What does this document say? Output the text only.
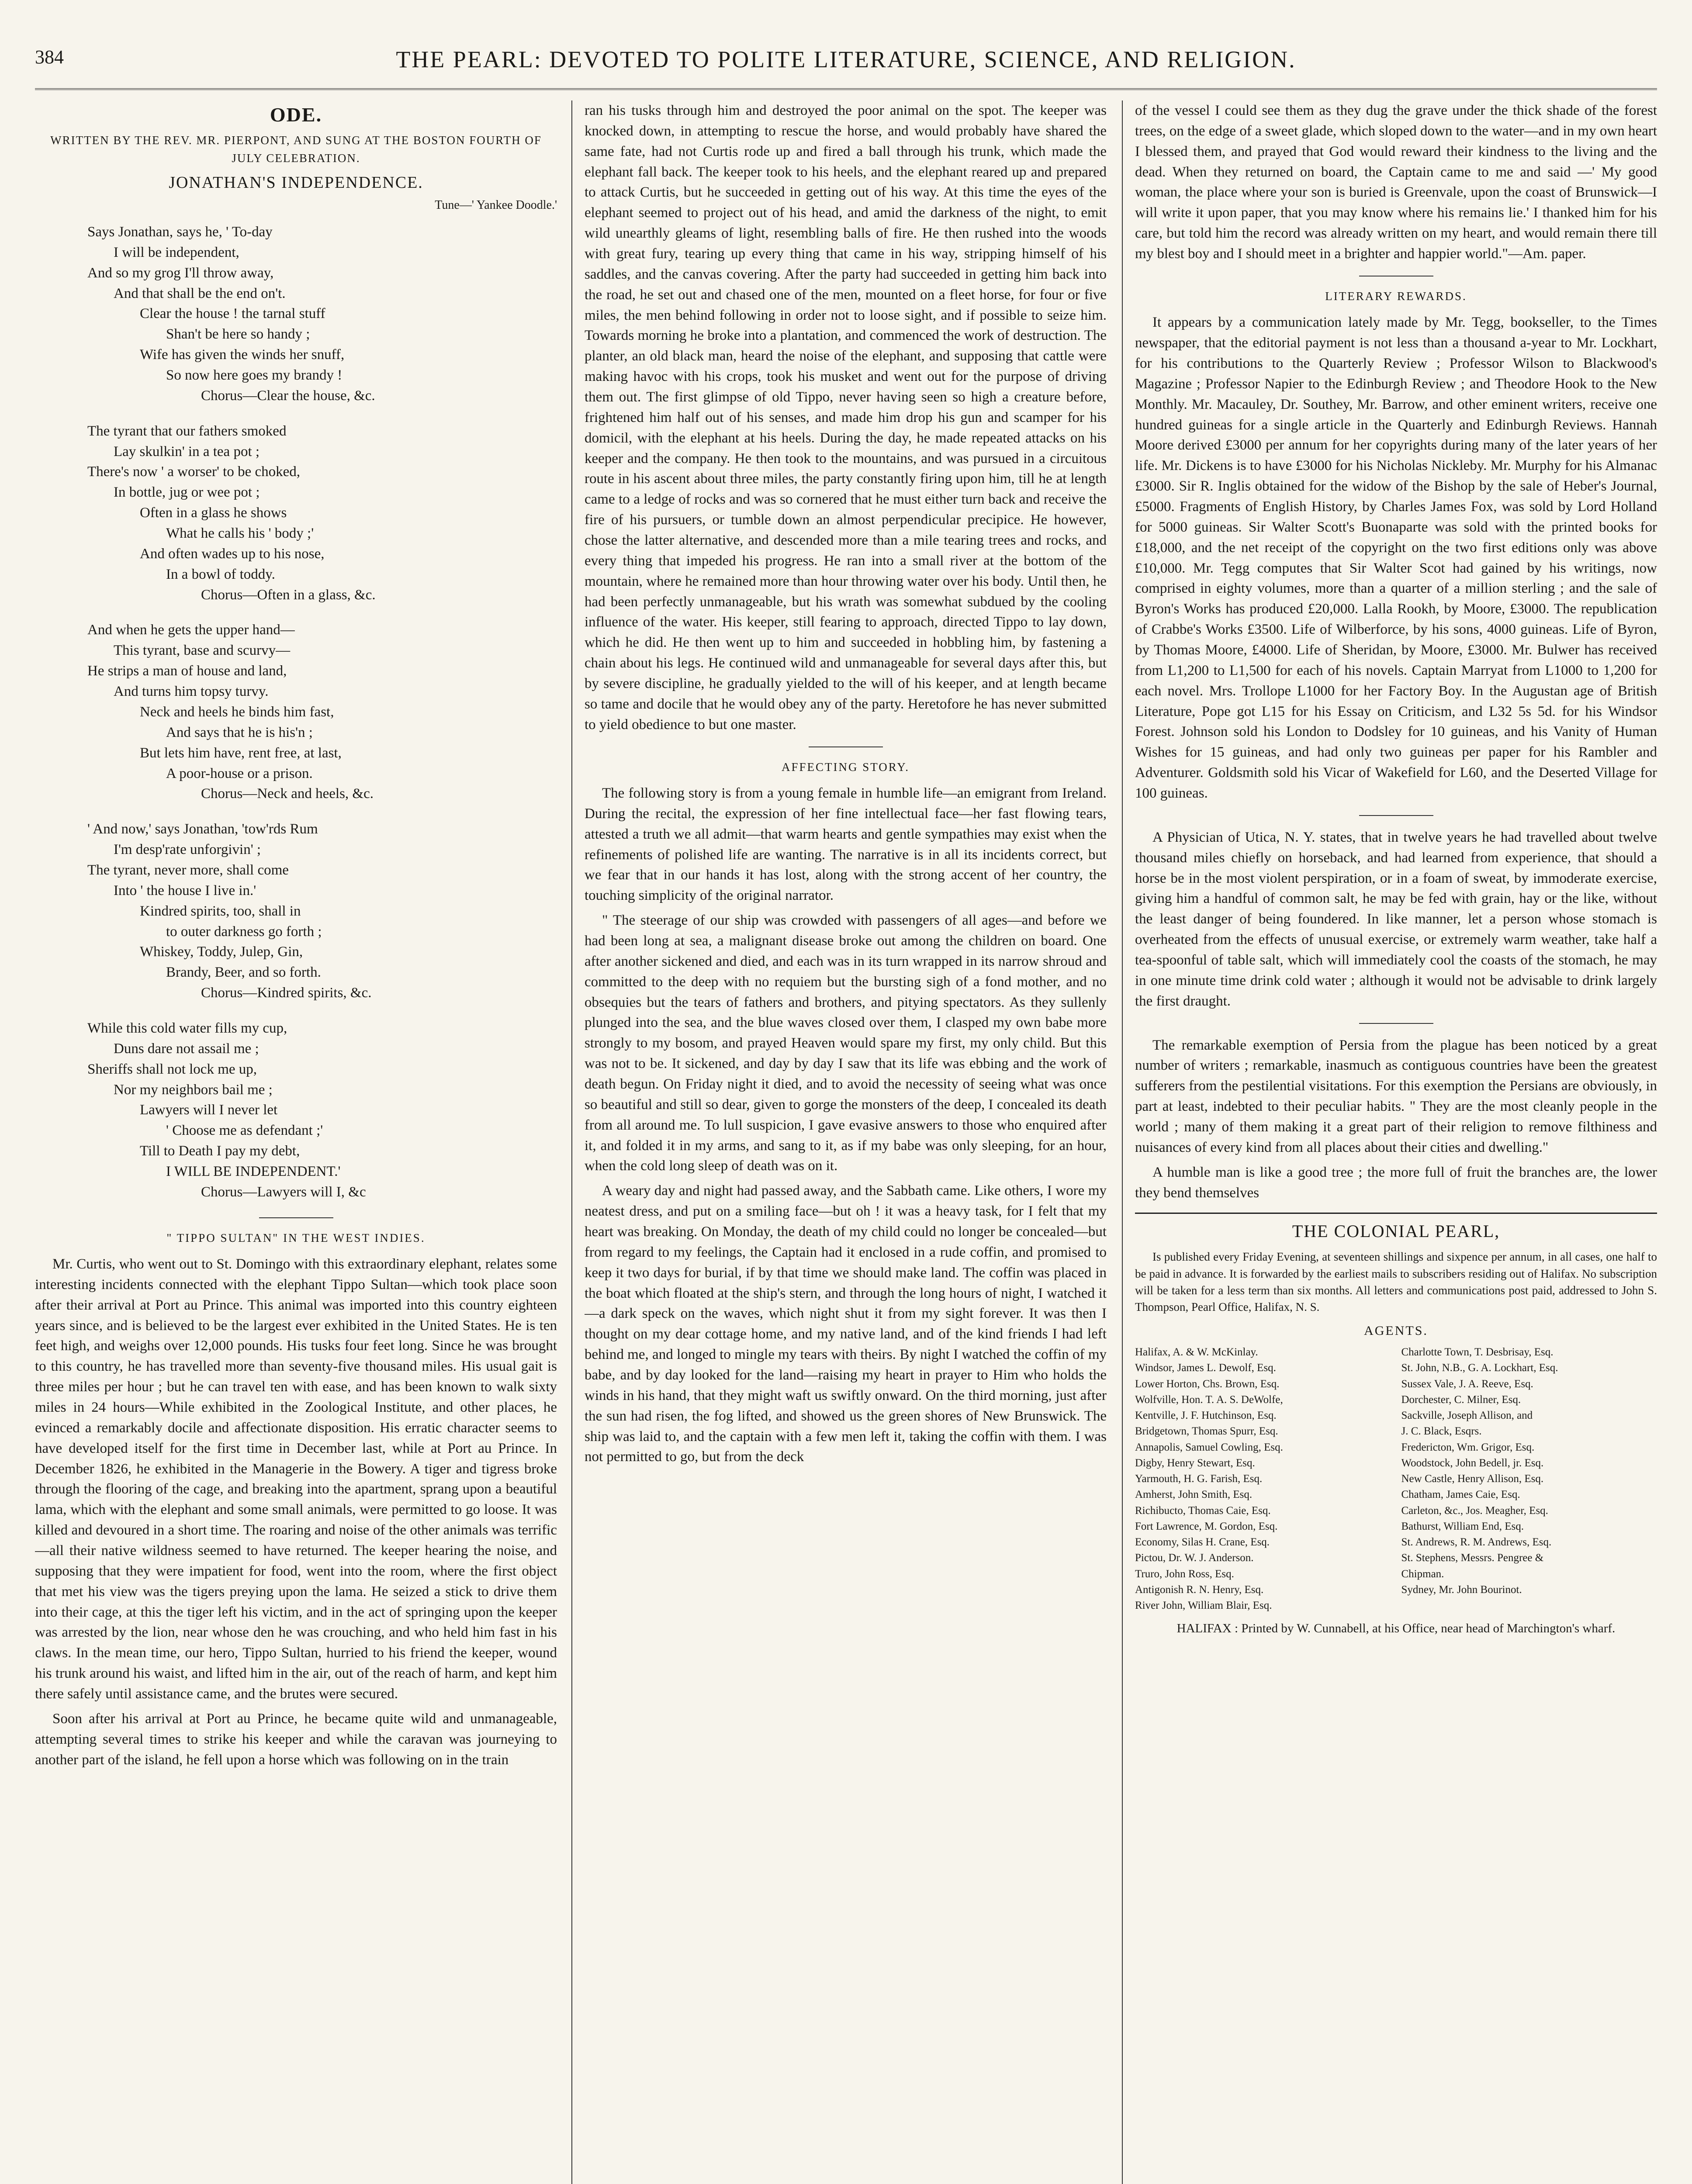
384	THE PEARL: DEVOTED TO POLITE LITERATURE, SCIENCE, AND RELIGION.
ODE.
WRITTEN BY THE REV. MR. PIERPONT, AND SUNG AT THE BOSTON FOURTH OF JULY CELEBRATION.
JONATHAN'S INDEPENDENCE.
Tune—' Yankee Doodle.'
Says Jonathan, says he, ' To-day
I will be independent,
And so my grog I'll throw away,
And that shall be the end on't.
Clear the house ! the tarnal stuff
Shan't be here so handy ;
Wife has given the winds her snuff,
So now here goes my brandy !
Chorus—Clear the house, &c.
The tyrant that our fathers smoked
Lay skulkin' in a tea pot ;
There's now ' a worser' to be choked,
In bottle, jug or wee pot ;
Often in a glass he shows
What he calls his ' body ;'
And often wades up to his nose,
In a bowl of toddy.
Chorus—Often in a glass, &c.
And when he gets the upper hand—
This tyrant, base and scurvy—
He strips a man of house and land,
And turns him topsy turvy.
Neck and heels he binds him fast,
And says that he is his'n ;
But lets him have, rent free, at last,
A poor-house or a prison.
Chorus—Neck and heels, &c.
' And now,' says Jonathan, 'tow'rds Rum
I'm desp'rate unforgivin' ;
The tyrant, never more, shall come
Into ' the house I live in.'
Kindred spirits, too, shall in
to outer darkness go forth ;
Whiskey, Toddy, Julep, Gin,
Brandy, Beer, and so forth.
Chorus—Kindred spirits, &c.
While this cold water fills my cup,
Duns dare not assail me ;
Sheriffs shall not lock me up,
Nor my neighbors bail me ;
Lawyers will I never let
' Choose me as defendant ;'
Till to Death I pay my debt,
I WILL BE INDEPENDENT.'
Chorus—Lawyers will I, &c
" TIPPO SULTAN" IN THE WEST INDIES.

Mr. Curtis, who went out to St. Domingo with this extraordinary elephant, relates some interesting incidents connected with the elephant Tippo Sultan—which took place soon after their arrival at Port au Prince. This animal was imported into this country eighteen years since, and is believed to be the largest ever exhibited in the United States. He is ten feet high, and weighs over 12,000 pounds. His tusks four feet long. Since he was brought to this country, he has travelled more than seventy-five thousand miles. His usual gait is three miles per hour ; but he can travel ten with ease, and has been known to walk sixty miles in 24 hours—While exhibited in the Zoological Institute, and other places, he evinced a remarkably docile and affectionate disposition. His erratic character seems to have developed itself for the first time in December last, while at Port au Prince. In December 1826, he exhibited in the Managerie in the Bowery. A tiger and tigress broke through the flooring of the cage, and breaking into the apartment, sprang upon a beautiful lama, which with the elephant and some small animals, were permitted to go loose. It was killed and devoured in a short time. The roaring and noise of the other animals was terrific—all their native wildness seemed to have returned. The keeper hearing the noise, and supposing that they were impatient for food, went into the room, where the first object that met his view was the tigers preying upon the lama. He seized a stick to drive them into their cage, at this the tiger left his victim, and in the act of springing upon the keeper was arrested by the lion, near whose den he was crouching, and who held him fast in his claws. In the mean time, our hero, Tippo Sultan, hurried to his friend the keeper, wound his trunk around his waist, and lifted him in the air, out of the reach of harm, and kept him there safely until assistance came, and the brutes were secured.

Soon after his arrival at Port au Prince, he became quite wild and unmanageable, attempting several times to strike his keeper and while the caravan was journeying to another part of the island, he fell upon a horse which was following on in the train

ran his tusks through him and destroyed the poor animal on the spot. The keeper was knocked down, in attempting to rescue the horse, and would probably have shared the same fate, had not Curtis rode up and fired a ball through his trunk, which made the elephant fall back. The keeper took to his heels, and the elephant reared up and prepared to attack Curtis, but he succeeded in getting out of his way. At this time the eyes of the elephant seemed to project out of his head, and amid the darkness of the night, to emit wild unearthly gleams of light, resembling balls of fire. He then rushed into the woods with great fury, tearing up every thing that came in his way, stripping himself of his saddles, and the canvas covering. After the party had succeeded in getting him back into the road, he set out and chased one of the men, mounted on a fleet horse, for four or five miles, the men behind following in order not to loose sight, and if possible to seize him. Towards morning he broke into a plantation, and commenced the work of destruction. The planter, an old black man, heard the noise of the elephant, and supposing that cattle were making havoc with his crops, took his musket and went out for the purpose of driving them out. The first glimpse of old Tippo, never having seen so high a creature before, frightened him half out of his senses, and made him drop his gun and scamper for his domicil, with the elephant at his heels. During the day, he made repeated attacks on his keeper and the company. He then took to the mountains, and was pursued in a circuitous route in his ascent about three miles, the party constantly firing upon him, till he at length came to a ledge of rocks and was so cornered that he must either turn back and receive the fire of his pursuers, or tumble down an almost perpendicular precipice. He however, chose the latter alternative, and descended more than a mile tearing trees and rocks, and every thing that impeded his progress. He ran into a small river at the bottom of the mountain, where he remained more than hour throwing water over his body. Until then, he had been perfectly unmanageable, but his wrath was somewhat subdued by the cooling influence of the water. His keeper, still fearing to approach, directed Tippo to lay down, which he did. He then went up to him and succeeded in hobbling him, by fastening a chain about his legs. He continued wild and unmanageable for several days after this, but by severe discipline, he gradually yielded to the will of his keeper, and at length became so tame and docile that he would obey any of the party. Heretofore he has never submitted to yield obedience to but one master.

AFFECTING STORY.

The following story is from a young female in humble life—an emigrant from Ireland. During the recital, the expression of her fine intellectual face—her fast flowing tears, attested a truth we all admit—that warm hearts and gentle sympathies may exist when the refinements of polished life are wanting. The narrative is in all its incidents correct, but we fear that in our hands it has lost, along with the strong accent of her country, the touching simplicity of the original narrator.

" The steerage of our ship was crowded with passengers of all ages—and before we had been long at sea, a malignant disease broke out among the children on board. One after another sickened and died, and each was in its turn wrapped in its narrow shroud and committed to the deep with no requiem but the bursting sigh of a fond mother, and no obsequies but the tears of fathers and brothers, and pitying spectators. As they sullenly plunged into the sea, and the blue waves closed over them, I clasped my own babe more strongly to my bosom, and prayed Heaven would spare my first, my only child. But this was not to be. It sickened, and day by day I saw that its life was ebbing and the work of death begun. On Friday night it died, and to avoid the necessity of seeing what was once so beautiful and still so dear, given to gorge the monsters of the deep, I concealed its death from all around me. To lull suspicion, I gave evasive answers to those who enquired after it, and folded it in my arms, and sang to it, as if my babe was only sleeping, for an hour, when the cold long sleep of death was on it.

A weary day and night had passed away, and the Sabbath came. Like others, I wore my neatest dress, and put on a smiling face—but oh ! it was a heavy task, for I felt that my heart was breaking. On Monday, the death of my child could no longer be concealed—but from regard to my feelings, the Captain had it enclosed in a rude coffin, and promised to keep it two days for burial, if by that time we should make land. The coffin was placed in the boat which floated at the ship's stern, and through the long hours of night, I watched it—a dark speck on the waves, which night shut it from my sight forever. It was then I thought on my dear cottage home, and my native land, and of the kind friends I had left behind me, and longed to mingle my tears with theirs. By night I watched the coffin of my babe, and by day looked for the land—raising my heart in prayer to Him who holds the winds in his hand, that they might waft us swiftly onward. On the third morning, just after the sun had risen, the fog lifted, and showed us the green shores of New Brunswick. The ship was laid to, and the captain with a few men left it, taking the coffin with them. I was not permitted to go, but from the deck

of the vessel I could see them as they dug the grave under the thick shade of the forest trees, on the edge of a sweet glade, which sloped down to the water—and in my own heart I blessed them, and prayed that God would reward their kindness to the living and the dead. When they returned on board, the Captain came to me and said —' My good woman, the place where your son is buried is Greenvale, upon the coast of Brunswick—I will write it upon paper, that you may know where his remains lie.' I thanked him for his care, but told him the record was already written on my heart, and would remain there till my blest boy and I should meet in a brighter and happier world."—Am. paper.

LITERARY REWARDS.

It appears by a communication lately made by Mr. Tegg, bookseller, to the Times newspaper, that the editorial payment is not less than a thousand a-year to Mr. Lockhart, for his contributions to the Quarterly Review ; Professor Wilson to Blackwood's Magazine ; Professor Napier to the Edinburgh Review ; and Theodore Hook to the New Monthly. Mr. Macauley, Dr. Southey, Mr. Barrow, and other eminent writers, receive one hundred guineas for a single article in the Quarterly and Edinburgh Reviews. Hannah Moore derived £3000 per annum for her copyrights during many of the later years of her life. Mr. Dickens is to have £3000 for his Nicholas Nickleby. Mr. Murphy for his Almanac £3000. Sir R. Inglis obtained for the widow of the Bishop by the sale of Heber's Journal, £5000. Fragments of English History, by Charles James Fox, was sold by Lord Holland for 5000 guineas. Sir Walter Scott's Buonaparte was sold with the printed books for £18,000, and the net receipt of the copyright on the two first editions only was above £10,000. Mr. Tegg computes that Sir Walter Scot had gained by his writings, now comprised in eighty volumes, more than a quarter of a million sterling ; and the sale of Byron's Works has produced £20,000. Lalla Rookh, by Moore, £3000. The republication of Crabbe's Works £3500. Life of Wilberforce, by his sons, 4000 guineas. Life of Byron, by Thomas Moore, £4000. Life of Sheridan, by Moore, £3000. Mr. Bulwer has received from L1,200 to L1,500 for each of his novels. Captain Marryat from L1000 to 1,200 for each novel. Mrs. Trollope L1000 for her Factory Boy. In the Augustan age of British Literature, Pope got L15 for his Essay on Criticism, and L32 5s 5d. for his Windsor Forest. Johnson sold his London to Dodsley for 10 guineas, and his Vanity of Human Wishes for 15 guineas, and had only two guineas per paper for his Rambler and Adventurer. Goldsmith sold his Vicar of Wakefield for L60, and the Deserted Village for 100 guineas.

A Physician of Utica, N. Y. states, that in twelve years he had travelled about twelve thousand miles chiefly on horseback, and had learned from experience, that should a horse be in the most violent perspiration, or in a foam of sweat, by immoderate exercise, giving him a handful of common salt, he may be fed with grain, hay or the like, without the least danger of being foundered. In like manner, let a person whose stomach is overheated from the effects of unusual exercise, or extremely warm weather, take half a tea-spoonful of table salt, which will immediately cool the coasts of the stomach, he may in one minute time drink cold water ; although it would not be advisable to drink largely the first draught.

The remarkable exemption of Persia from the plague has been noticed by a great number of writers ; remarkable, inasmuch as contiguous countries have been the greatest sufferers from the pestilential visitations. For this exemption the Persians are obviously, in part at least, indebted to their peculiar habits. " They are the most cleanly people in the world ; many of them making it a great part of their religion to remove filthiness and nuisances of every kind from all places about their cities and dwelling."

A humble man is like a good tree ; the more full of fruit the branches are, the lower they bend themselves

THE COLONIAL PEARL,
Is published every Friday Evening, at seventeen shillings and sixpence per annum, in all cases, one half to be paid in advance. It is forwarded by the earliest mails to subscribers residing out of Halifax. No subscription will be taken for a less term than six months. All letters and communications post paid, addressed to John S. Thompson, Pearl Office, Halifax, N. S.
AGENTS.
Halifax, A. & W. McKinlay.
Windsor, James L. Dewolf, Esq.
Lower Horton, Chs. Brown, Esq.
Wolfville, Hon. T. A. S. DeWolfe,
Kentville, J. F. Hutchinson, Esq.
Bridgetown, Thomas Spurr, Esq.
Annapolis, Samuel Cowling, Esq.
Digby, Henry Stewart, Esq.
Yarmouth, H. G. Farish, Esq.
Amherst, John Smith, Esq.
Richibucto, Thomas Caie, Esq.
Fort Lawrence, M. Gordon, Esq.
Economy, Silas H. Crane, Esq.
Pictou, Dr. W. J. Anderson.
Truro, John Ross, Esq.
Antigonish R. N. Henry, Esq.
River John, William Blair, Esq.
Charlotte Town, T. Desbrisay, Esq.
St. John, N.B., G. A. Lockhart, Esq.
Sussex Vale, J. A. Reeve, Esq.
Dorchester, C. Milner, Esq.
Sackville, Joseph Allison, and
J. C. Black, Esqrs.
Fredericton, Wm. Grigor, Esq.
Woodstock, John Bedell, jr. Esq.
New Castle, Henry Allison, Esq.
Chatham, James Caie, Esq.
Carleton, &c., Jos. Meagher, Esq.
Bathurst, William End, Esq.
St. Andrews, R. M. Andrews, Esq.
St. Stephens, Messrs. Pengree &
Chipman.
Sydney, Mr. John Bourinot.
HALIFAX : Printed by W. Cunnabell, at his Office, near head of Marchington's wharf.
